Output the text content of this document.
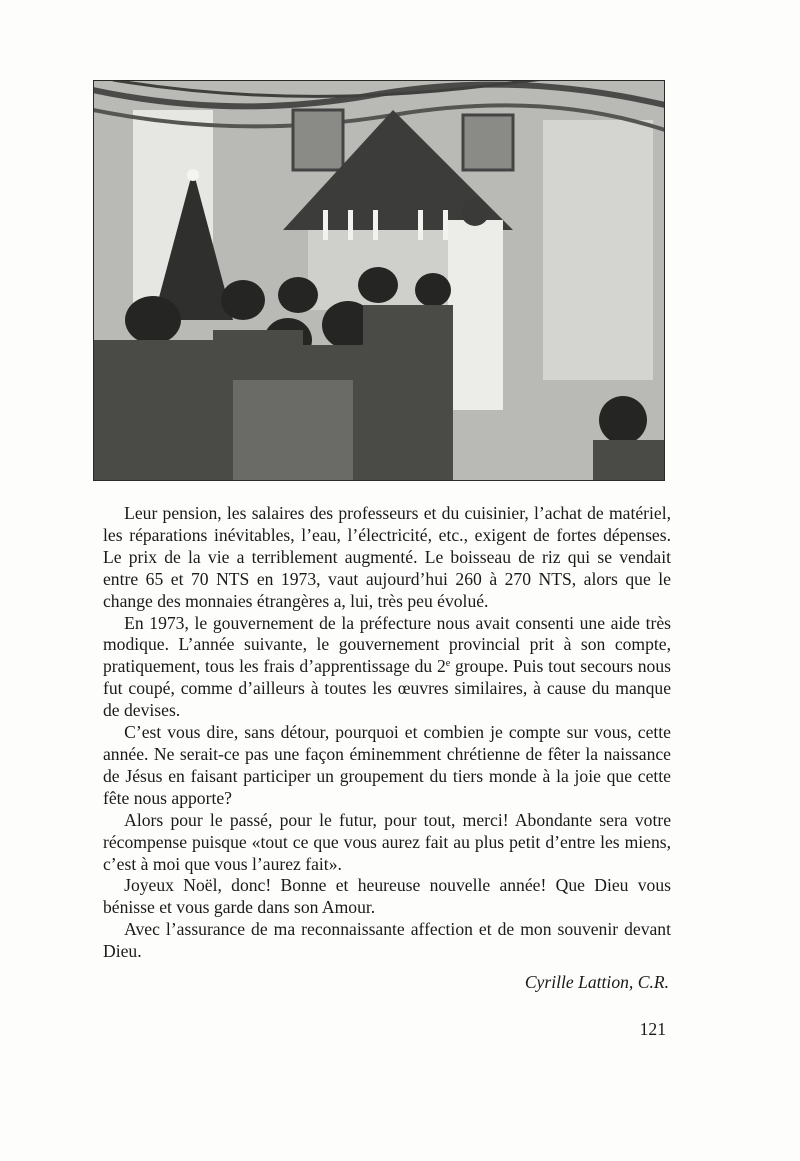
Leur pension, les salaires des professeurs et du cuisinier, l’achat de matériel, les réparations inévitables, l’eau, l’électricité, etc., exigent de fortes dépenses. Le prix de la vie a terriblement augmenté. Le boisseau de riz qui se vendait entre 65 et 70 NTS en 1973, vaut aujourd’hui 260 à 270 NTS, alors que le change des monnaies étrangères a, lui, très peu évolué.

En 1973, le gouvernement de la préfecture nous avait consenti une aide très modique. L’année suivante, le gouvernement provincial prit à son compte, pratiquement, tous les frais d’apprentissage du 2e groupe. Puis tout secours nous fut coupé, comme d’ailleurs à toutes les œuvres similaires, à cause du manque de devises.

C’est vous dire, sans détour, pourquoi et combien je compte sur vous, cette année. Ne serait-ce pas une façon éminemment chrétienne de fêter la naissance de Jésus en faisant participer un groupement du tiers monde à la joie que cette fête nous apporte?

Alors pour le passé, pour le futur, pour tout, merci! Abondante sera votre récompense puisque «tout ce que vous aurez fait au plus petit d’entre les miens, c’est à moi que vous l’aurez fait».

Joyeux Noël, donc! Bonne et heureuse nouvelle année! Que Dieu vous bénisse et vous garde dans son Amour.

Avec l’assurance de ma reconnaissante affection et de mon souvenir devant Dieu.

Cyrille Lattion, C.R.
121
